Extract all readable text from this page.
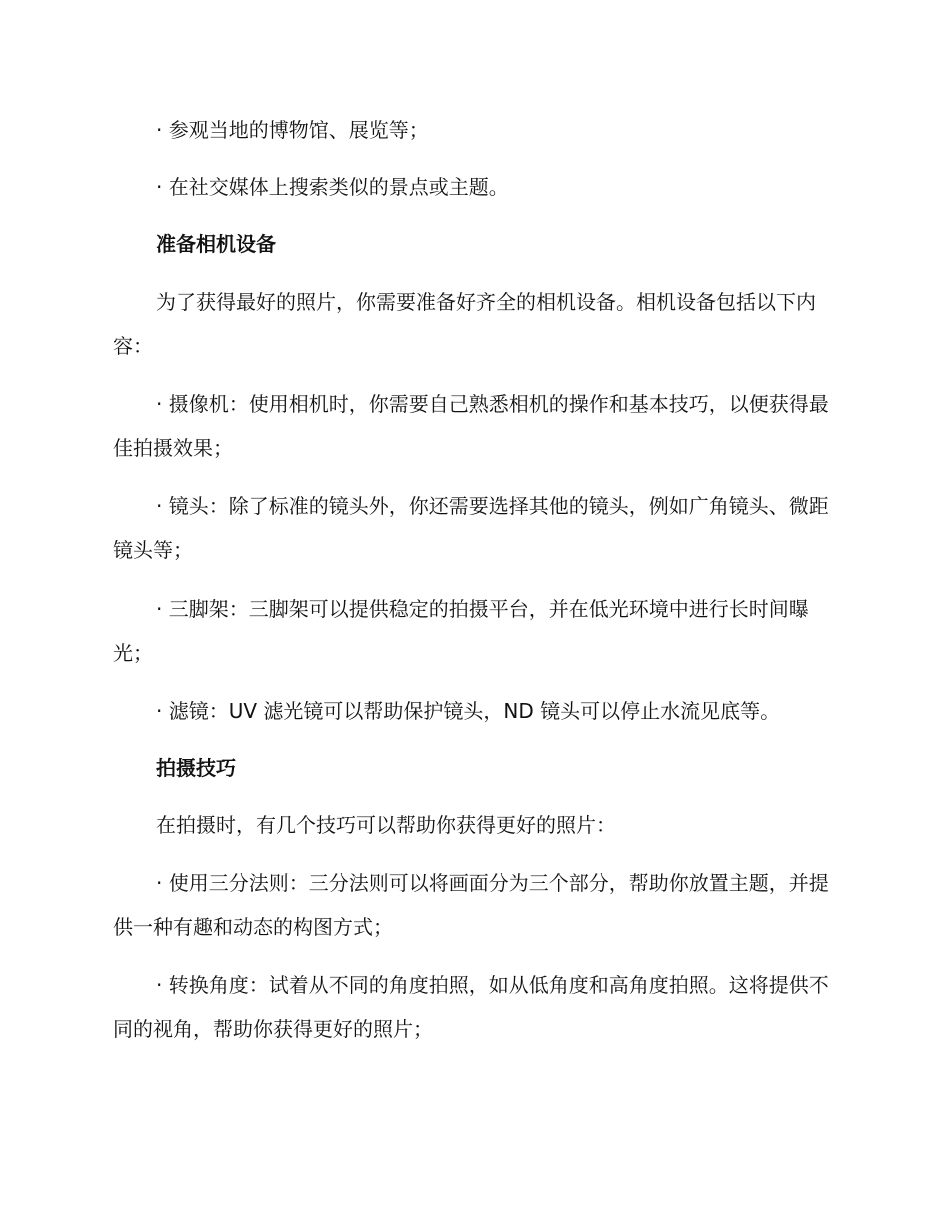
· 参观当地的博物馆、展览等；

· 在社交媒体上搜索类似的景点或主题。

准备相机设备

为了获得最好的照片，你需要准备好齐全的相机设备。相机设备包括以下内容：

· 摄像机：使用相机时，你需要自己熟悉相机的操作和基本技巧，以便获得最佳拍摄效果；

· 镜头：除了标准的镜头外，你还需要选择其他的镜头，例如广角镜头、微距镜头等；

· 三脚架：三脚架可以提供稳定的拍摄平台，并在低光环境中进行长时间曝光；

· 滤镜：UV 滤光镜可以帮助保护镜头，ND 镜头可以停止水流见底等。

拍摄技巧

在拍摄时，有几个技巧可以帮助你获得更好的照片：

· 使用三分法则：三分法则可以将画面分为三个部分，帮助你放置主题，并提供一种有趣和动态的构图方式；

· 转换角度：试着从不同的角度拍照，如从低角度和高角度拍照。这将提供不同的视角，帮助你获得更好的照片；
